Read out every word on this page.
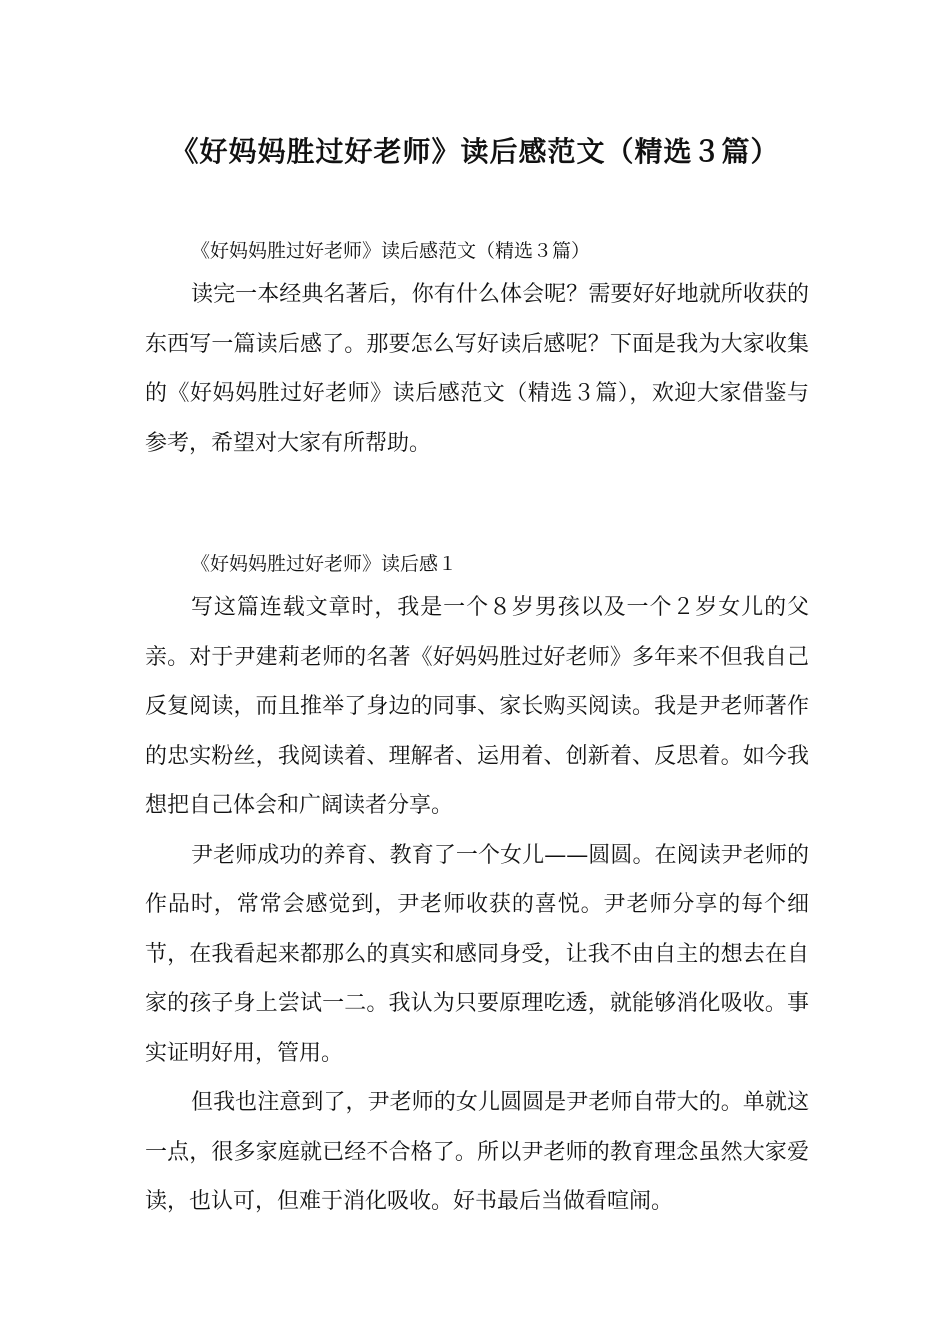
《好妈妈胜过好老师》读后感范文（精选３篇）

《好妈妈胜过好老师》读后感范文（精选３篇）

读完一本经典名著后，你有什么体会呢？需要好好地就所收获的东西写一篇读后感了。那要怎么写好读后感呢？下面是我为大家收集的《好妈妈胜过好老师》读后感范文（精选３篇），欢迎大家借鉴与参考，希望对大家有所帮助。

《好妈妈胜过好老师》读后感１

写这篇连载文章时，我是一个８岁男孩以及一个２岁女儿的父亲。对于尹建莉老师的名著《好妈妈胜过好老师》多年来不但我自己反复阅读，而且推举了身边的同事、家长购买阅读。我是尹老师著作的忠实粉丝，我阅读着、理解者、运用着、创新着、反思着。如今我想把自己体会和广阔读者分享。

尹老师成功的养育、教育了一个女儿——圆圆。在阅读尹老师的作品时，常常会感觉到，尹老师收获的喜悦。尹老师分享的每个细节，在我看起来都那么的真实和感同身受，让我不由自主的想去在自家的孩子身上尝试一二。我认为只要原理吃透，就能够消化吸收。事实证明好用，管用。

但我也注意到了，尹老师的女儿圆圆是尹老师自带大的。单就这一点，很多家庭就已经不合格了。所以尹老师的教育理念虽然大家爱读，也认可，但难于消化吸收。好书最后当做看喧闹。
